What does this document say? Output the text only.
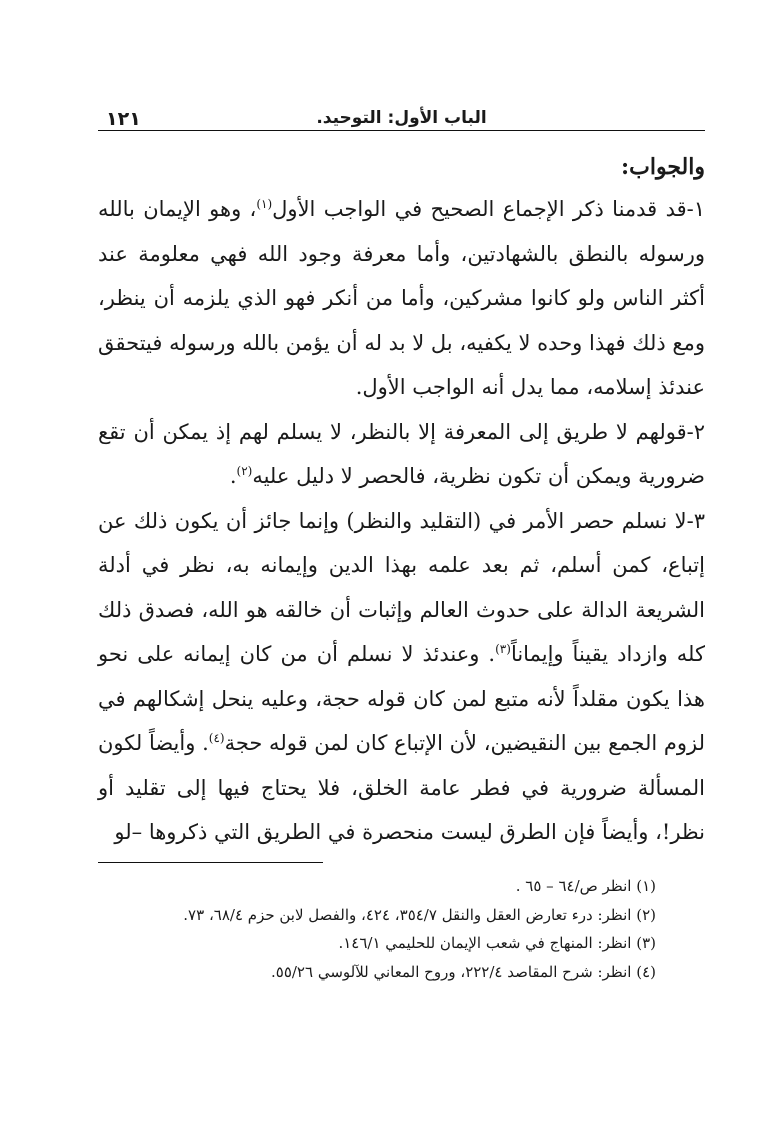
الباب الأول: التوحيد.
١٢١
والجواب:

١-قد قدمنا ذكر الإجماع الصحيح في الواجب الأول$^{(١)}$، وهو الإيمان بالله ورسوله بالنطق بالشهادتين، وأما معرفة وجود الله فهي معلومة عند أكثر الناس ولو كانوا مشركين، وأما من أنكر فهو الذي يلزمه أن ينظر، ومع ذلك فهذا وحده لا يكفيه، بل لا بد له أن يؤمن بالله ورسوله فيتحقق عندئذ إسلامه، مما يدل أنه الواجب الأول.

٢-قولهم لا طريق إلى المعرفة إلا بالنظر، لا يسلم لهم إذ يمكن أن تقع ضرورية ويمكن أن تكون نظرية، فالحصر لا دليل عليه$^{(٢)}$.

٣-لا نسلم حصر الأمر في (التقليد والنظر) وإنما جائز أن يكون ذلك عن إتباع، كمن أسلم، ثم بعد علمه بهذا الدين وإيمانه به، نظر في أدلة الشريعة الدالة على حدوث العالم وإثبات أن خالقه هو الله، فصدق ذلك كله وازداد يقيناً وإيماناً$^{(٣)}$. وعندئذ لا نسلم أن من كان إيمانه على نحو هذا يكون مقلداً لأنه متبع لمن كان قوله حجة، وعليه ينحل إشكالهم في لزوم الجمع بين النقيضين، لأن الإتباع كان لمن قوله حجة$^{(٤)}$. وأيضاً لكون المسألة ضرورية في فطر عامة الخلق، فلا يحتاج فيها إلى تقليد أو نظر!، وأيضاً فإن الطرق ليست منحصرة في الطريق التي ذكروها –لو

(١) انظر ص/٦٤ – ٦٥ .

(٢) انظر: درء تعارض العقل والنقل ٣٥٤/٧، ٤٢٤، والفصل لابن حزم ٦٨/٤، ٧٣.

(٣) انظر: المنهاج في شعب الإيمان للحليمي ١٤٦/١.

(٤) انظر: شرح المقاصد ٢٢٢/٤، وروح المعاني للآلوسي ٥٥/٢٦.
